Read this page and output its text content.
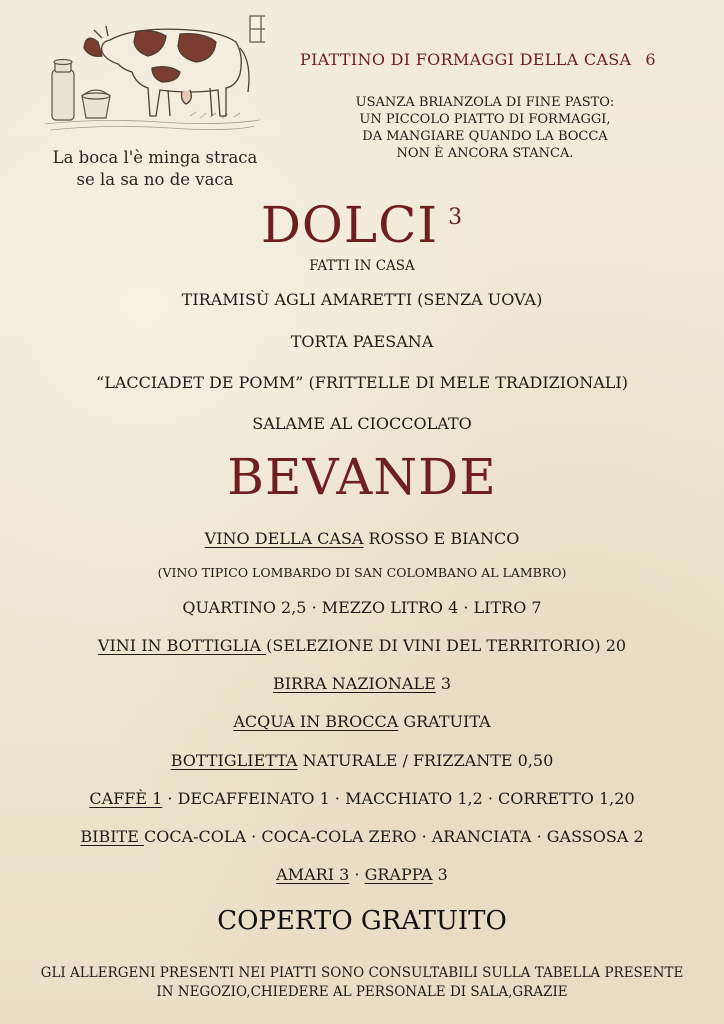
La boca l'è minga straca
se la sa no de vaca
PIATTINO DI FORMAGGI DELLA CASA 6
USANZA BRIANZOLA DI FINE PASTO:
UN PICCOLO PIATTO DI FORMAGGI,
DA MANGIARE QUANDO LA BOCCA
NON È ANCORA STANCA.
DOLCI $^3$
FATTI IN CASA
TIRAMISÙ AGLI AMARETTI (SENZA UOVA)
TORTA PAESANA
“LACCIADET DE POMM” (FRITTELLE DI MELE TRADIZIONALI)
SALAME AL CIOCCOLATO
BEVANDE
VINO DELLA CASA ROSSO E BIANCO
(VINO TIPICO LOMBARDO DI SAN COLOMBANO AL LAMBRO)
QUARTINO 2,5 · MEZZO LITRO 4 · LITRO 7
VINI IN BOTTIGLIA (SELEZIONE DI VINI DEL TERRITORIO) 20
BIRRA NAZIONALE 3
ACQUA IN BROCCA GRATUITA
BOTTIGLIETTA NATURALE / FRIZZANTE 0,50
CAFFÈ 1 · DECAFFEINATO 1 · MACCHIATO 1,2 · CORRETTO 1,20
BIBITE COCA-COLA · COCA-COLA ZERO · ARANCIATA · GASSOSA 2
AMARI 3 · GRAPPA 3
COPERTO GRATUITO
GLI ALLERGENI PRESENTI NEI PIATTI SONO CONSULTABILI SULLA TABELLA PRESENTE
IN NEGOZIO,CHIEDERE AL PERSONALE DI SALA,GRAZIE
